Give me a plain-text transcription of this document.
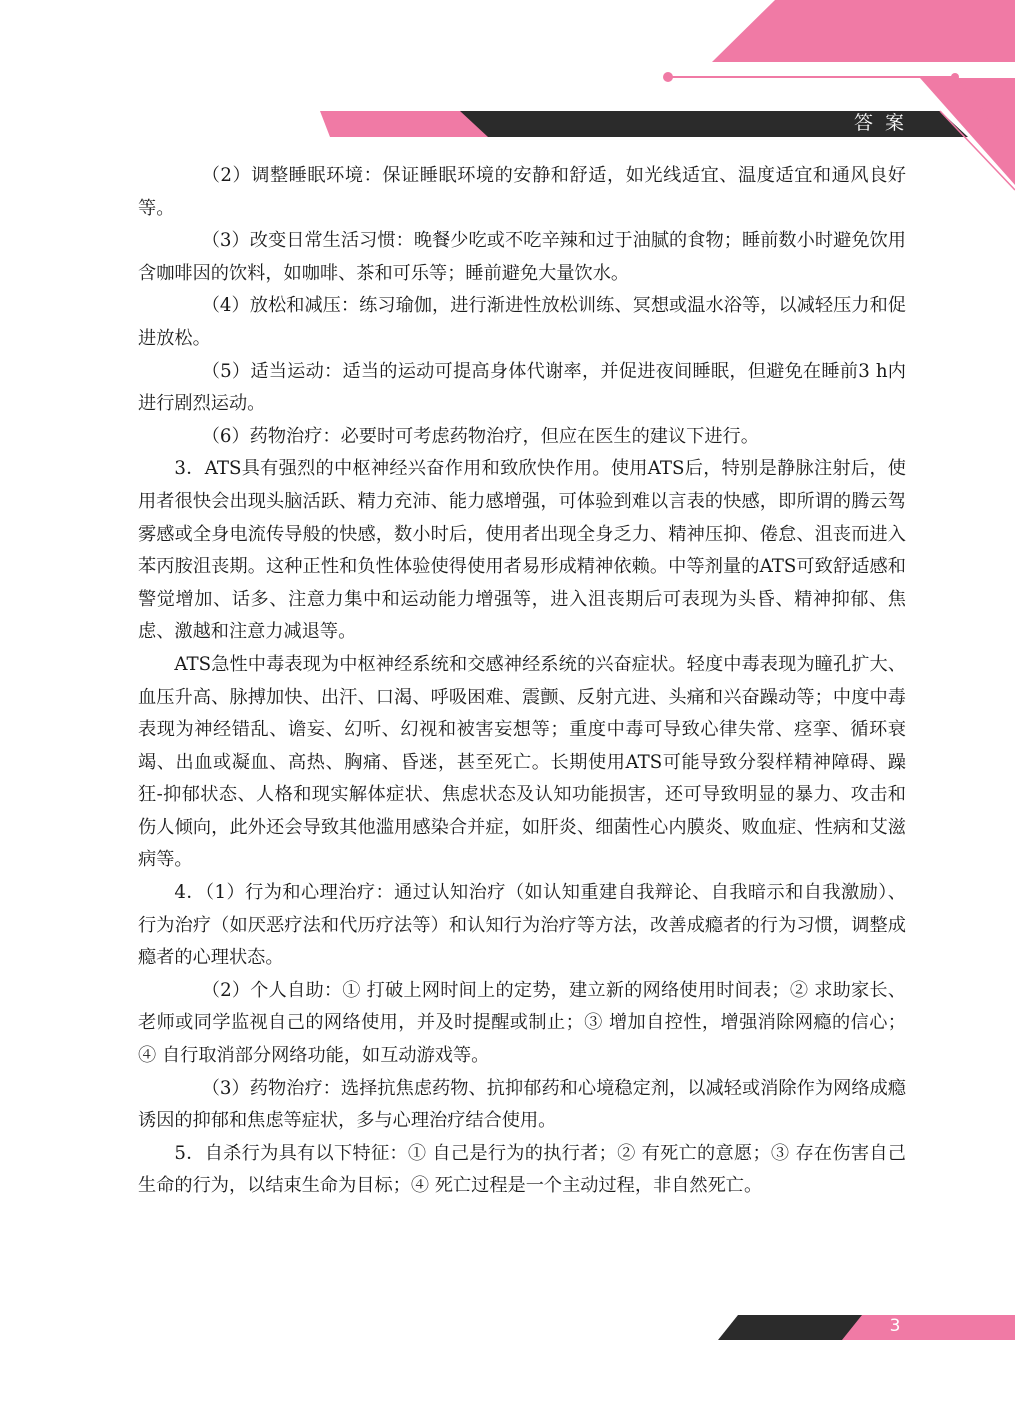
答案

（2）调整睡眠环境：保证睡眠环境的安静和舒适，如光线适宜、温度适宜和通风良好等。

（3）改变日常生活习惯：晚餐少吃或不吃辛辣和过于油腻的食物；睡前数小时避免饮用含咖啡因的饮料，如咖啡、茶和可乐等；睡前避免大量饮水。

（4）放松和减压：练习瑜伽，进行渐进性放松训练、冥想或温水浴等，以减轻压力和促进放松。

（5）适当运动：适当的运动可提高身体代谢率，并促进夜间睡眠，但避免在睡前3 h内进行剧烈运动。

（6）药物治疗：必要时可考虑药物治疗，但应在医生的建议下进行。

3．ATS具有强烈的中枢神经兴奋作用和致欣快作用。使用ATS后，特别是静脉注射后，使用者很快会出现头脑活跃、精力充沛、能力感增强，可体验到难以言表的快感，即所谓的腾云驾雾感或全身电流传导般的快感，数小时后，使用者出现全身乏力、精神压抑、倦怠、沮丧而进入苯丙胺沮丧期。这种正性和负性体验使得使用者易形成精神依赖。中等剂量的ATS可致舒适感和警觉增加、话多、注意力集中和运动能力增强等，进入沮丧期后可表现为头昏、精神抑郁、焦虑、激越和注意力减退等。

ATS急性中毒表现为中枢神经系统和交感神经系统的兴奋症状。轻度中毒表现为瞳孔扩大、血压升高、脉搏加快、出汗、口渴、呼吸困难、震颤、反射亢进、头痛和兴奋躁动等；中度中毒表现为神经错乱、谵妄、幻听、幻视和被害妄想等；重度中毒可导致心律失常、痉挛、循环衰竭、出血或凝血、高热、胸痛、昏迷，甚至死亡。长期使用ATS可能导致分裂样精神障碍、躁狂-抑郁状态、人格和现实解体症状、焦虑状态及认知功能损害，还可导致明显的暴力、攻击和伤人倾向，此外还会导致其他滥用感染合并症，如肝炎、细菌性心内膜炎、败血症、性病和艾滋病等。

4．（1）行为和心理治疗：通过认知治疗（如认知重建自我辩论、自我暗示和自我激励）、行为治疗（如厌恶疗法和代历疗法等）和认知行为治疗等方法，改善成瘾者的行为习惯，调整成瘾者的心理状态。

（2）个人自助：① 打破上网时间上的定势，建立新的网络使用时间表；② 求助家长、老师或同学监视自己的网络使用，并及时提醒或制止；③ 增加自控性，增强消除网瘾的信心；④ 自行取消部分网络功能，如互动游戏等。

（3）药物治疗：选择抗焦虑药物、抗抑郁药和心境稳定剂，以减轻或消除作为网络成瘾诱因的抑郁和焦虑等症状，多与心理治疗结合使用。

5．自杀行为具有以下特征：① 自己是行为的执行者；② 有死亡的意愿；③ 存在伤害自己生命的行为，以结束生命为目标；④ 死亡过程是一个主动过程，非自然死亡。

3
